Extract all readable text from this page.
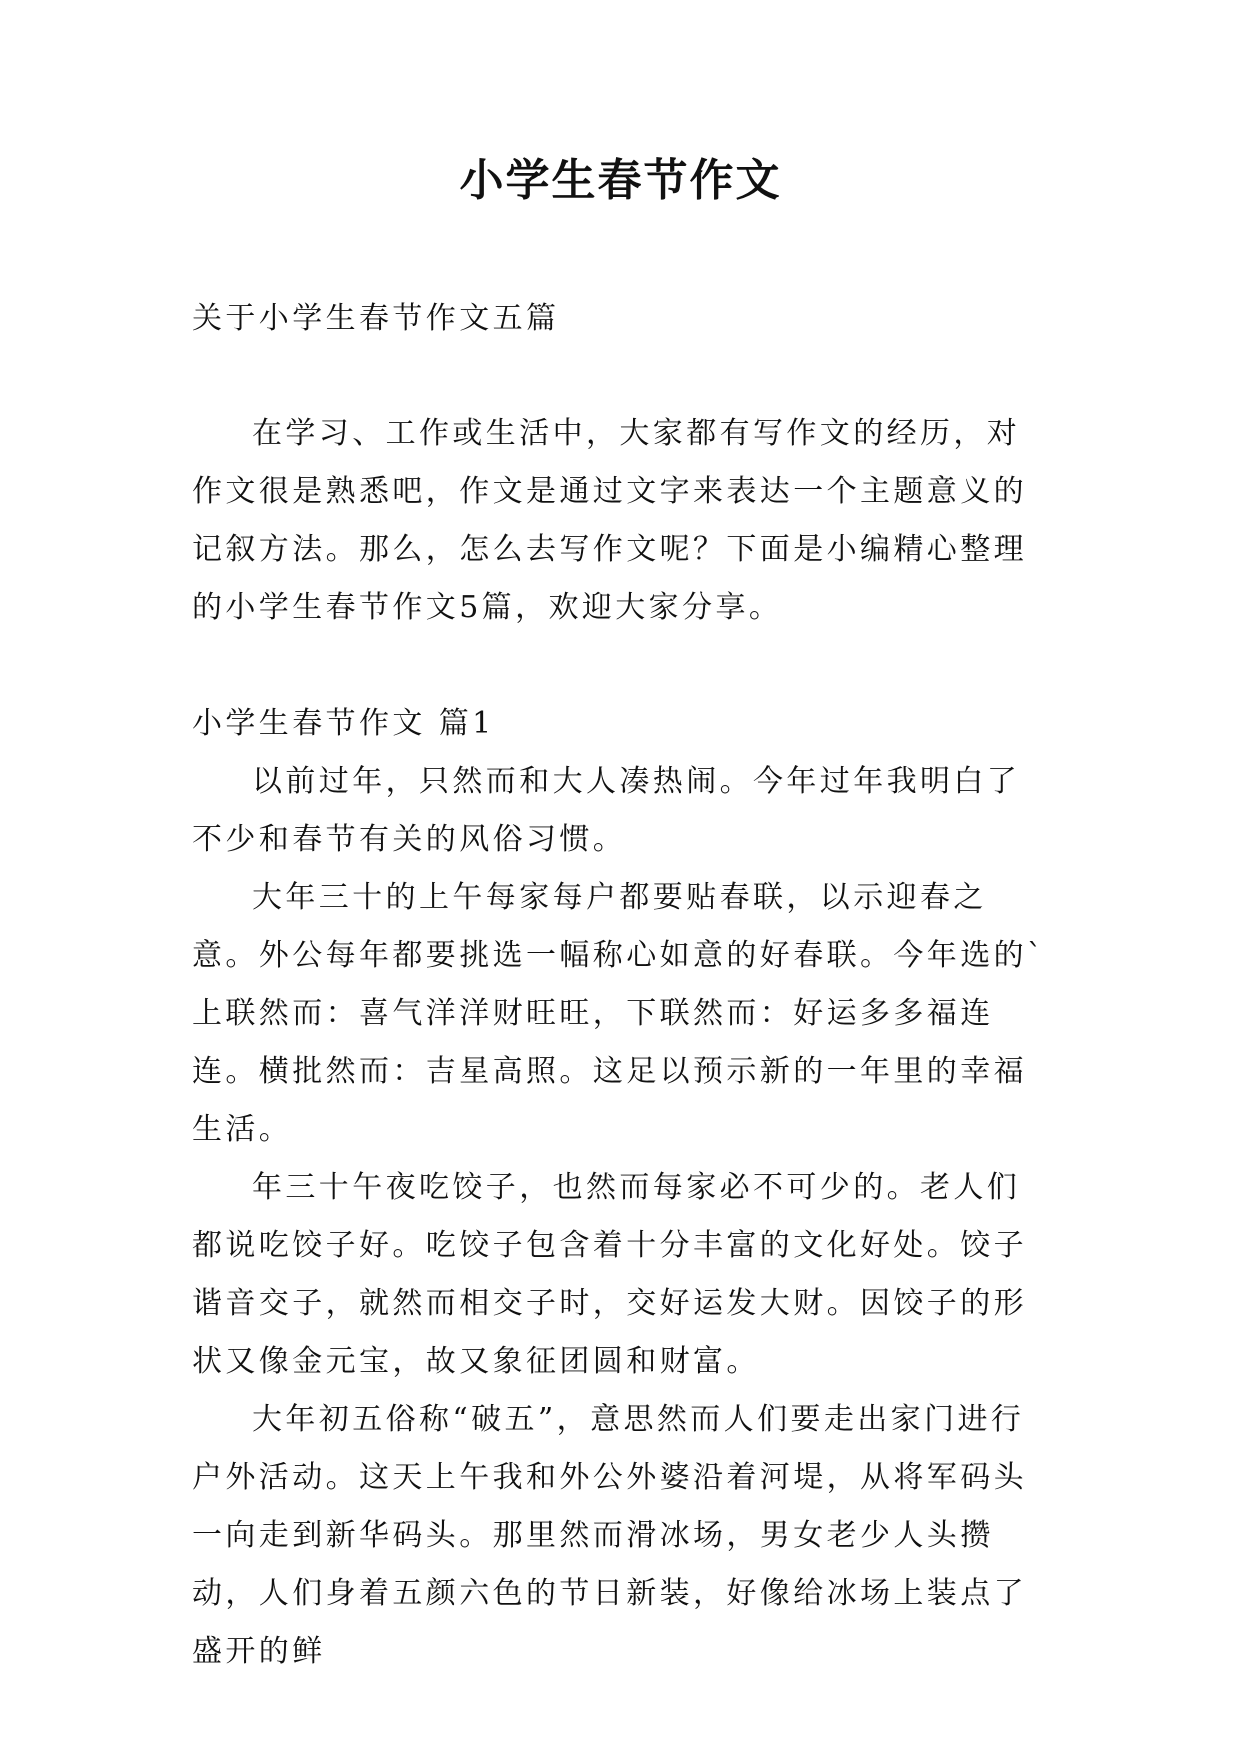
小学生春节作文

关于小学生春节作文五篇

在学习、工作或生活中，大家都有写作文的经历，对作文很是熟悉吧，作文是通过文字来表达一个主题意义的记叙方法。那么，怎么去写作文呢？下面是小编精心整理的小学生春节作文5篇，欢迎大家分享。

小学生春节作文 篇1

以前过年，只然而和大人凑热闹。今年过年我明白了不少和春节有关的风俗习惯。

大年三十的上午每家每户都要贴春联，以示迎春之意。外公每年都要挑选一幅称心如意的好春联。今年选的`上联然而：喜气洋洋财旺旺，下联然而：好运多多福连连。横批然而：吉星高照。这足以预示新的一年里的幸福生活。

年三十午夜吃饺子，也然而每家必不可少的。老人们都说吃饺子好。吃饺子包含着十分丰富的文化好处。饺子谐音交子，就然而相交子时，交好运发大财。因饺子的形状又像金元宝，故又象征团圆和财富。

大年初五俗称“破五”，意思然而人们要走出家门进行户外活动。这天上午我和外公外婆沿着河堤，从将军码头一向走到新华码头。那里然而滑冰场，男女老少人头攒动，人们身着五颜六色的节日新装，好像给冰场上装点了盛开的鲜
